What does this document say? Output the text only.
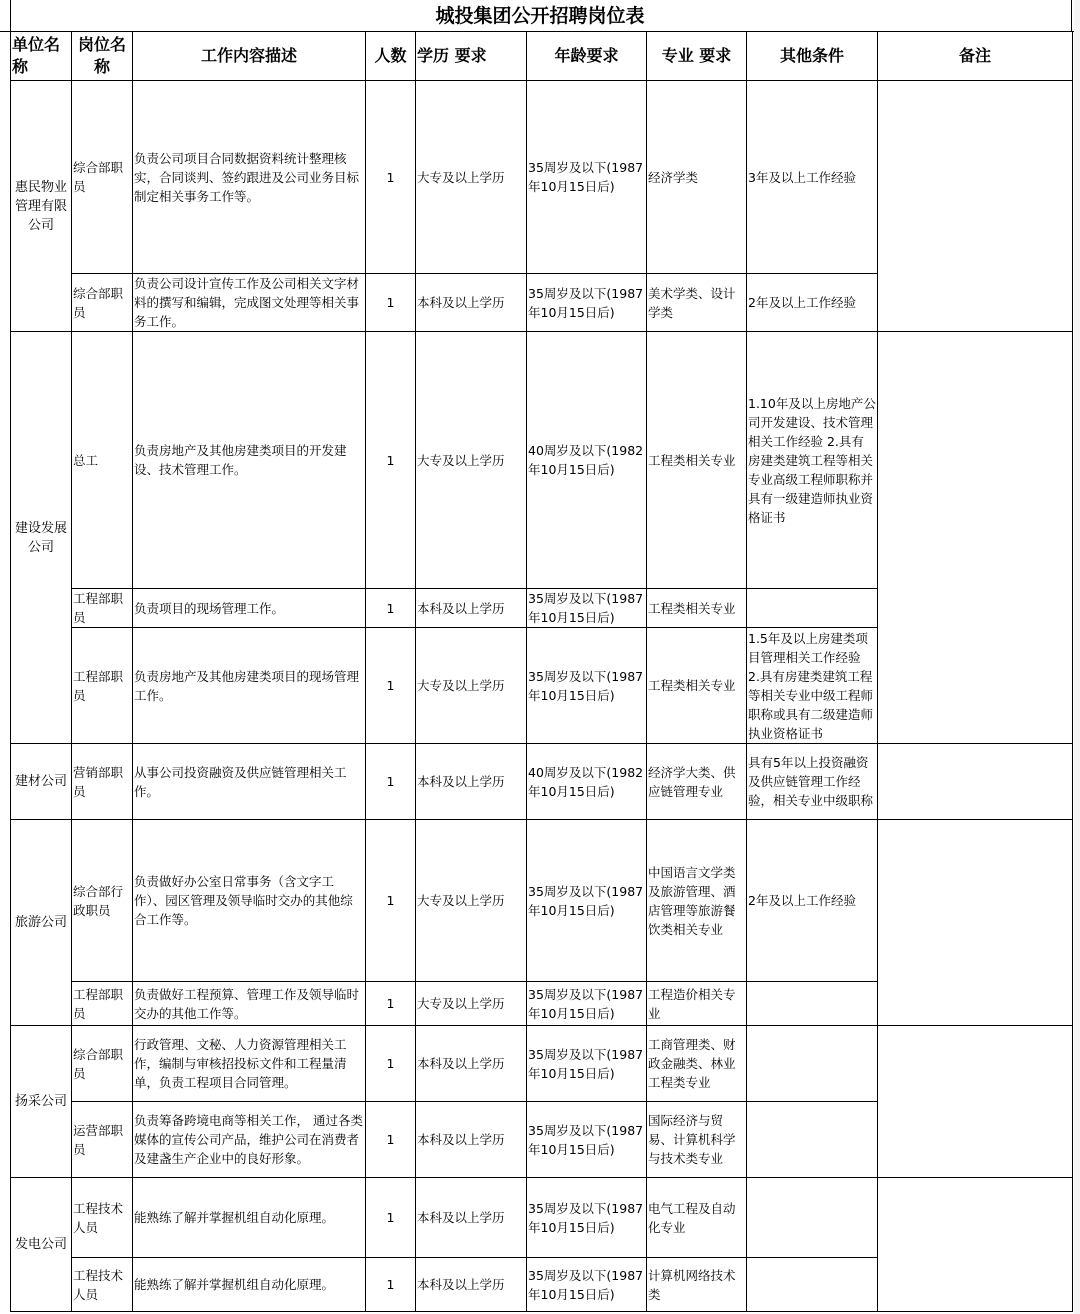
城投集团公开招聘岗位表
单位名称	岗位名称	工作内容描述	人数	学历 要求	年龄要求	专业 要求	其他条件	备注
惠民物业管理有限公司	综合部职员	负责公司项目合同数据资料统计整理核实，合同谈判、签约跟进及公司业务目标制定相关事务工作等。	1	大专及以上学历	35周岁及以下(1987年10月15日后)	经济学类	3年及以上工作经验	
	综合部职员	负责公司设计宣传工作及公司相关文字材料的撰写和编辑，完成图文处理等相关事务工作。	1	本科及以上学历	35周岁及以下(1987年10月15日后)	美术学类、设计学类	2年及以上工作经验	
建设发展公司	总工	负责房地产及其他房建类项目的开发建设、技术管理工作。	1	大专及以上学历	40周岁及以下(1982年10月15日后)	工程类相关专业	1.10年及以上房地产公司开发建设、技术管理相关工作经验 2.具有房建类建筑工程等相关专业高级工程师职称并具有一级建造师执业资格证书	
	工程部职员	负责项目的现场管理工作。	1	本科及以上学历	35周岁及以下(1987年10月15日后)	工程类相关专业		
	工程部职员	负责房地产及其他房建类项目的现场管理工作。	1	大专及以上学历	35周岁及以下(1987年10月15日后)	工程类相关专业	1.5年及以上房建类项目管理相关工作经验 2.具有房建类建筑工程等相关专业中级工程师职称或具有二级建造师执业资格证书	
建材公司	营销部职员	从事公司投资融资及供应链管理相关工作。	1	本科及以上学历	40周岁及以下(1982年10月15日后)	经济学大类、供应链管理专业	具有5年以上投资融资及供应链管理工作经验，相关专业中级职称	
旅游公司	综合部行政职员	负责做好办公室日常事务（含文字工作）、园区管理及领导临时交办的其他综合工作等。	1	大专及以上学历	35周岁及以下(1987年10月15日后)	中国语言文学类及旅游管理、酒店管理等旅游餐饮类相关专业	2年及以上工作经验	
	工程部职员	负责做好工程预算、管理工作及领导临时交办的其他工作等。	1	大专及以上学历	35周岁及以下(1987年10月15日后)	工程造价相关专业		
扬采公司	综合部职员	行政管理、文秘、人力资源管理相关工作，编制与审核招投标文件和工程量清单，负责工程项目合同管理。	1	本科及以上学历	35周岁及以下(1987年10月15日后)	工商管理类、财政金融类、林业工程类专业		
	运营部职员	负责筹备跨境电商等相关工作， 通过各类媒体的宣传公司产品，维护公司在消费者及建盏生产企业中的良好形象。	1	本科及以上学历	35周岁及以下(1987年10月15日后)	国际经济与贸易、计算机科学与技术类专业		
发电公司	工程技术人员	能熟练了解并掌握机组自动化原理。	1	本科及以上学历	35周岁及以下(1987年10月15日后)	电气工程及自动化专业		
	工程技术人员	能熟练了解并掌握机组自动化原理。	1	本科及以上学历	35周岁及以下(1987年10月15日后)	计算机网络技术类		
